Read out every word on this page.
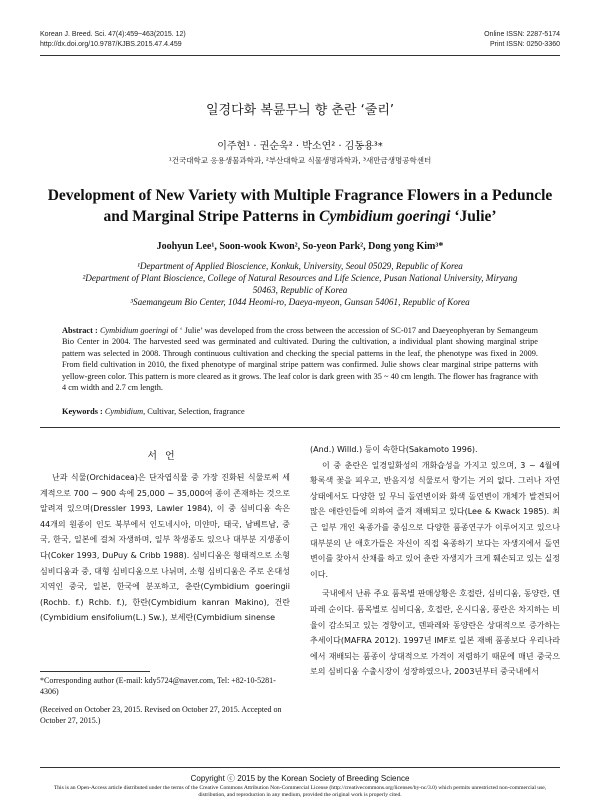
Korean J. Breed. Sci. 47(4):459~463(2015. 12)
http://dx.doi.org/10.9787/KJBS.2015.47.4.459
Online ISSN: 2287-5174
Print ISSN: 0250-3360
일경다화 복륜무늬 향 춘란 ‘줄리’
이주현¹ · 권순욱² · 박소연² · 김동용³*
¹건국대학교 응용생물과학과, ²부산대학교 식물생명과학과, ³새만금생명공학센터
Development of New Variety with Multiple Fragrance Flowers in a Peduncle and Marginal Stripe Patterns in Cymbidium goeringi ‘Julie’
Joohyun Lee¹, Soon-wook Kwon², So-yeon Park², Dong yong Kim³*
¹Department of Applied Bioscience, Konkuk, University, Seoul 05029, Republic of Korea
²Department of Plant Bioscience, College of Natural Resources and Life Science, Pusan National University, Miryang 50463, Republic of Korea
³Saemangeum Bio Center, 1044 Heomi-ro, Daeya-myeon, Gunsan 54061, Republic of Korea
Abstract : Cymbidium goeringi of ‘ Julie’ was developed from the cross between the accession of SC-017 and Daeyeophyeran by Semangeum Bio Center in 2004. The harvested seed was germinated and cultivated. During the cultivation, a individual plant showing marginal stripe pattern was selected in 2008. Through continuous cultivation and checking the special patterns in the leaf, the phenotype was fixed in 2009. From field cultivation in 2010, the fixed phenotype of marginal stripe pattern was confirmed. Julie shows clear marginal stripe patterns with yellow-green color. This pattern is more cleared as it grows. The leaf color is dark green with 35 ~ 40 cm length. The flower has fragrance with 4 cm width and 2.7 cm length.
Keywords : Cymbidium, Cultivar, Selection, fragrance
서언

난과 식물(Orchidacea)은 단자엽식물 중 가장 진화된 식물로써 세계적으로 700 ~ 900 속에 25,000 ~ 35,000여 종이 존재하는 것으로 알려져 있으며(Dressler 1993, Lawler 1984), 이 중 심비디움 속은 44개의 원종이 인도 북부에서 인도네시아, 미얀마, 태국, 남베트남, 중국, 한국, 일본에 걸쳐 자생하며, 일부 착생종도 있으나 대부분 지생종이다(Coker 1993, DuPuy & Cribb 1988). 심비디움은 형태적으로 소형 심비디움과 중, 대형 심비디움으로 나뉘며, 소형 심비디움은 주로 온대성 지역인 중국, 일본, 한국에 분포하고, 춘란(Cymbidium goeringii (Rochb. f.) Rchb. f.), 한란(Cymbidium kanran Makino), 건란(Cymbidium ensifolium(L.) Sw.), 보세란(Cymbidium sinense

(And.) Willd.) 등이 속한다(Sakamoto 1996).

이 중 춘란은 일경일화성의 개화습성을 가지고 있으며, 3 ~ 4월에 황록색 꽃을 피우고, 반음지성 식물로서 향기는 거의 없다. 그러나 자연 상태에서도 다양한 잎 무늬 돌연변이와 화색 돌연변이 개체가 발견되어 많은 애란인들에 의하여 즐겨 재배되고 있다(Lee & Kwack 1985). 최근 일부 개인 육종가를 중심으로 다양한 품종연구가 이루어지고 있으나 대부분의 난 애호가들은 자신이 직접 육종하기 보다는 자생지에서 돌연변이를 찾아서 산채를 하고 있어 춘란 자생지가 크게 훼손되고 있는 실정이다.

국내에서 난류 주요 품목별 판매상황은 호접란, 심비디움, 동양란, 덴파레 순이다. 품목별로 심비디움, 호접란, 온시디움, 풍란은 차지하는 비율이 감소되고 있는 경향이고, 덴파레와 동양란은 상대적으로 증가하는 추세이다(MAFRA 2012). 1997년 IMF로 일본 재배 품종보다 우리나라에서 재배되는 품종이 상대적으로 가격이 저렴하기 때문에 매년 중국으로의 심비디움 수출시장이 성장하였으나, 2003년부터 중국내에서

*Corresponding author (E-mail: kdy5724@naver.com, Tel: +82-10-5281-4306)
(Received on October 23, 2015. Revised on October 27, 2015. Accepted on October 27, 2015.)
Copyright ⓒ 2015 by the Korean Society of Breeding Science
This is an Open-Access article distributed under the terms of the Creative Commons Attribution Non-Commercial License (http://creativecommons.org/licenses/by-nc/3.0) which permits unrestricted non-commercial use, distribution, and reproduction in any medium, provided the original work is properly cited.
